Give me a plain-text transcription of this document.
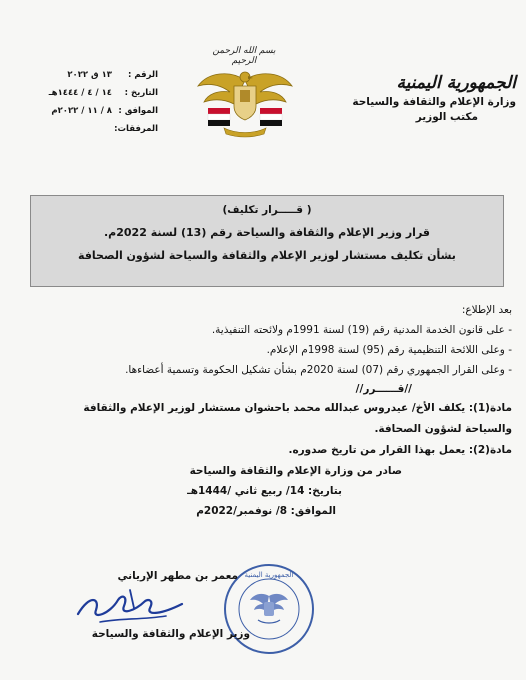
الجمهورية اليمنية
وزارة الإعلام والثقافة والسياحة
مكتب الوزير
بسم الله الرحمن الرحيم
الرقم :
١٣ ق ٢٠٢٢
التاريخ :
١٤ / ٤ / ١٤٤٤هـ
الموافق :
٨ / ١١ / ٢٠٢٢م
المرفقات:
( قـــــرار تكليف)
قرار وزير الإعلام والثقافة والسياحة رقم (13) لسنة 2022م.
بشأن تكليف مستشار لوزير الإعلام والثقافة والسياحة لشؤون الصحافة
بعد الإطلاع:
- على قانون الخدمة المدنية رقم (19) لسنة 1991م ولائحته التنفيذية.
- وعلى اللائحة التنظيمية رقم (95) لسنة 1998م الإعلام.
- وعلى القرار الجمهوري رقم (07) لسنة 2020م بشأن تشكيل الحكومة وتسمية أعضاءها.
//قــــــرر//
مادة(1): يكلف الأخ/ عيدروس عبدالله محمد باحشوان مستشار لوزير الإعلام والثقافة
والسياحة لشؤون الصحافة.
مادة(2): يعمل بهذا القرار من تاريخ صدوره.
صادر من وزارة الإعلام والثقافة والسياحة
بتاريخ: 14/ ربيع ثاني /1444هـ
الموافق: 8/ نوفمبر/2022م
الجمهورية اليمنية
معمر بن مطهر الإرياني
وزير الإعلام والثقافة والسياحة
